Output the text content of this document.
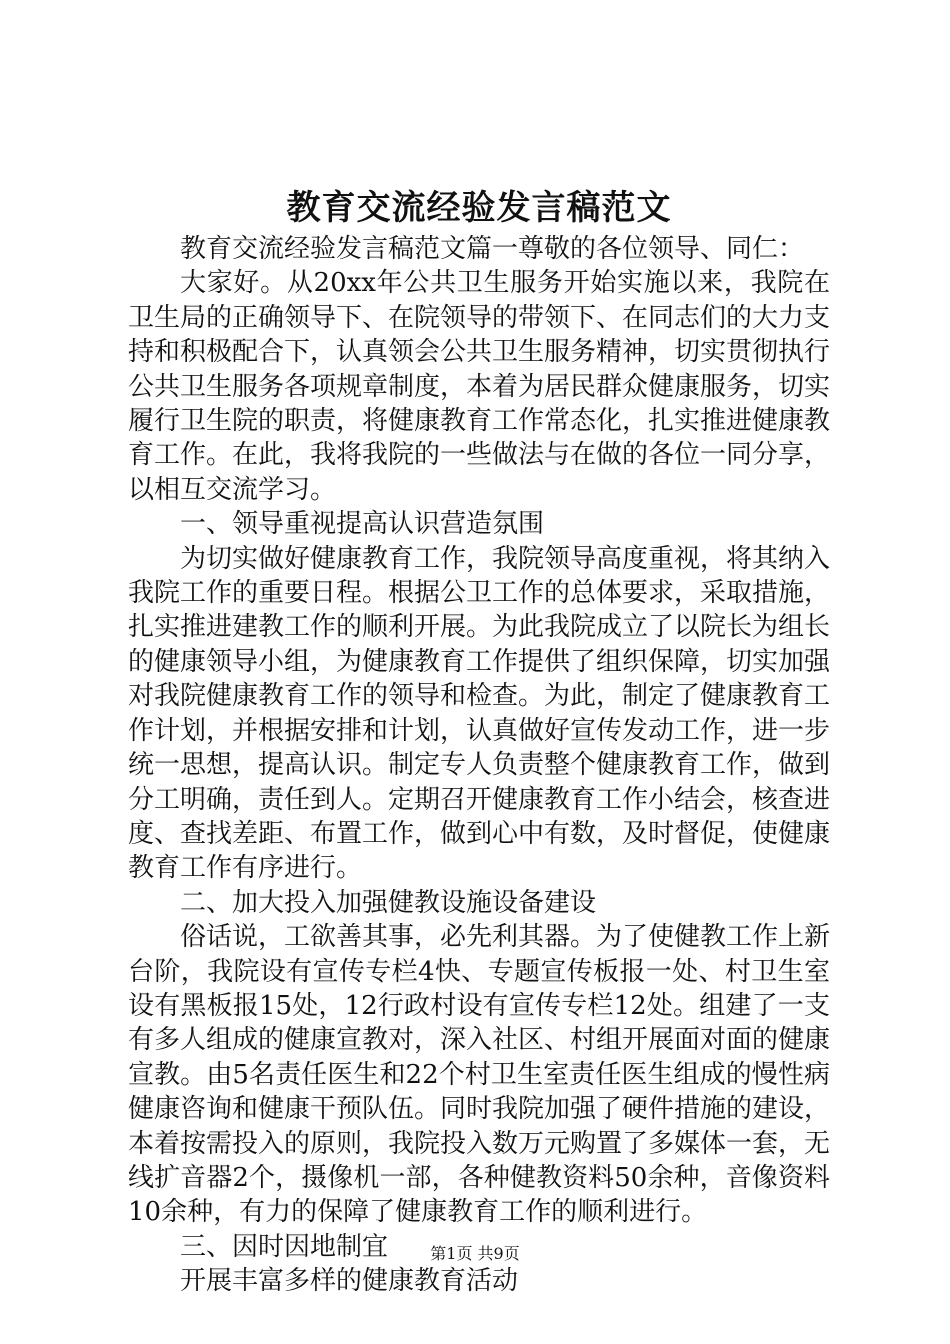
教育交流经验发言稿范文

教育交流经验发言稿范文篇一尊敬的各位领导、同仁：

大家好。从20xx年公共卫生服务开始实施以来，我院在卫生局的正确领导下、在院领导的带领下、在同志们的大力支持和积极配合下，认真领会公共卫生服务精神，切实贯彻执行公共卫生服务各项规章制度，本着为居民群众健康服务，切实履行卫生院的职责，将健康教育工作常态化，扎实推进健康教育工作。在此，我将我院的一些做法与在做的各位一同分享，以相互交流学习。

一、领导重视提高认识营造氛围

为切实做好健康教育工作，我院领导高度重视，将其纳入我院工作的重要日程。根据公卫工作的总体要求，采取措施，扎实推进建教工作的顺利开展。为此我院成立了以院长为组长的健康领导小组，为健康教育工作提供了组织保障，切实加强对我院健康教育工作的领导和检查。为此，制定了健康教育工作计划，并根据安排和计划，认真做好宣传发动工作，进一步统一思想，提高认识。制定专人负责整个健康教育工作，做到分工明确，责任到人。定期召开健康教育工作小结会，核查进度、查找差距、布置工作，做到心中有数，及时督促，使健康教育工作有序进行。

二、加大投入加强健教设施设备建设

俗话说，工欲善其事，必先利其器。为了使健教工作上新台阶，我院设有宣传专栏4快、专题宣传板报一处、村卫生室设有黑板报15处，12行政村设有宣传专栏12处。组建了一支有多人组成的健康宣教对，深入社区、村组开展面对面的健康宣教。由5名责任医生和22个村卫生室责任医生组成的慢性病健康咨询和健康干预队伍。同时我院加强了硬件措施的建设，本着按需投入的原则，我院投入数万元购置了多媒体一套，无线扩音器2个，摄像机一部，各种健教资料50余种，音像资料10余种，有力的保障了健康教育工作的顺利进行。

三、因时因地制宜

开展丰富多样的健康教育活动

第1页 共9页
